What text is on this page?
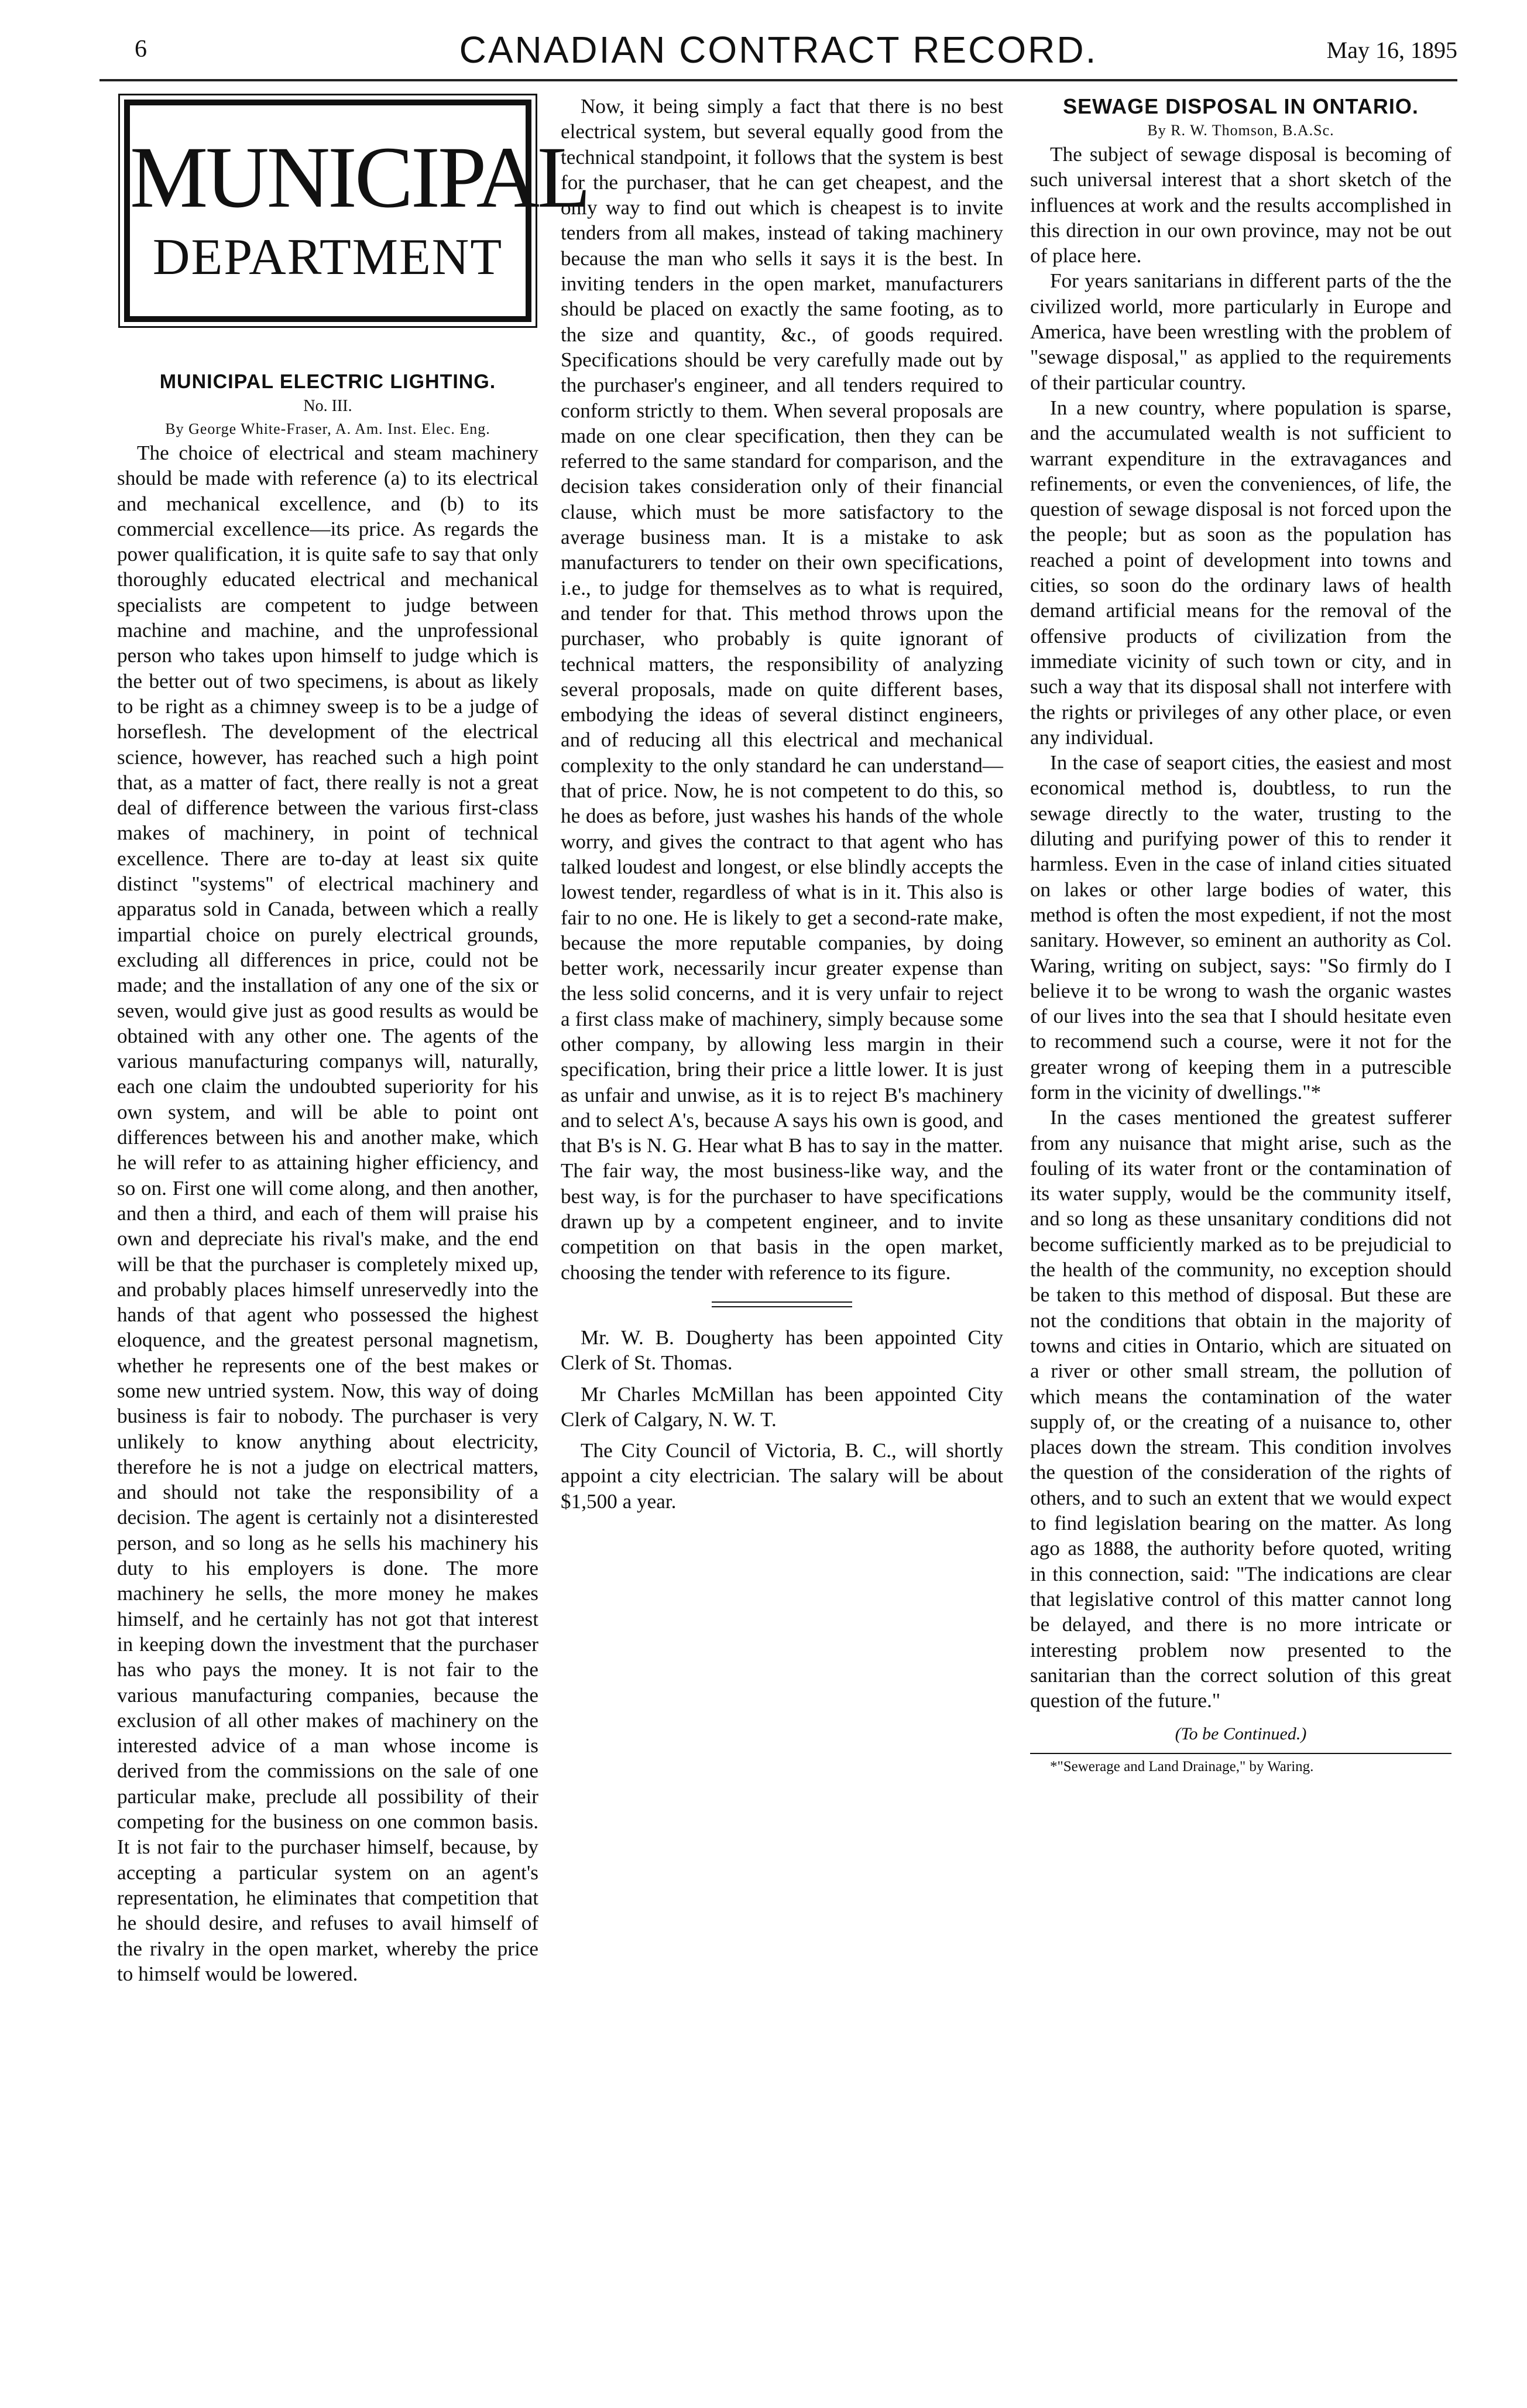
6	CANADIAN CONTRACT RECORD.	May 16, 1895
MUNICIPAL
DEPARTMENT

MUNICIPAL ELECTRIC LIGHTING.

No. III.

By George White-Fraser, A. Am. Inst. Elec. Eng.

The choice of electrical and steam machinery should be made with reference (a) to its electrical and mechanical excellence, and (b) to its commercial excellence—its price. As regards the power qualification, it is quite safe to say that only thoroughly educated electrical and mechanical specialists are competent to judge between machine and machine, and the unprofessional person who takes upon himself to judge which is the better out of two specimens, is about as likely to be right as a chimney sweep is to be a judge of horseflesh. The development of the electrical science, however, has reached such a high point that, as a matter of fact, there really is not a great deal of difference between the various first-class makes of machinery, in point of technical excellence. There are to-day at least six quite distinct "systems" of electrical machinery and apparatus sold in Canada, between which a really impartial choice on purely electrical grounds, excluding all differences in price, could not be made; and the installation of any one of the six or seven, would give just as good results as would be obtained with any other one. The agents of the various manufacturing companys will, naturally, each one claim the undoubted superiority for his own system, and will be able to point ont differences between his and another make, which he will refer to as attaining higher efficiency, and so on. First one will come along, and then another, and then a third, and each of them will praise his own and depreciate his rival's make, and the end will be that the purchaser is completely mixed up, and probably places himself unreservedly into the hands of that agent who possessed the highest eloquence, and the greatest personal magnetism, whether he represents one of the best makes or some new untried system. Now, this way of doing business is fair to nobody. The purchaser is very unlikely to know anything about electricity, therefore he is not a judge on electrical matters, and should not take the responsibility of a decision. The agent is certainly not a disinterested person, and so long as he sells his machinery his duty to his employers is done. The more machinery he sells, the more money he makes himself, and he certainly has not got that interest in keeping down the investment that the purchaser has who pays the money. It is not fair to the various manufacturing companies, because the exclusion of all other makes of machinery on the interested advice of a man whose income is derived from the commissions on the sale of one particular make, preclude all possibility of their competing for the business on one common basis. It is not fair to the purchaser himself, because, by accepting a particular system on an agent's representation, he eliminates that competition that he should desire, and refuses to avail himself of the rivalry in the open market, whereby the price to himself would be lowered.

Now, it being simply a fact that there is no best electrical system, but several equally good from the technical standpoint, it follows that the system is best for the purchaser, that he can get cheapest, and the only way to find out which is cheapest is to invite tenders from all makes, instead of taking machinery because the man who sells it says it is the best. In inviting tenders in the open market, manufacturers should be placed on exactly the same footing, as to the size and quantity, &c., of goods required. Specifications should be very carefully made out by the purchaser's engineer, and all tenders required to conform strictly to them. When several proposals are made on one clear specification, then they can be referred to the same standard for comparison, and the decision takes consideration only of their financial clause, which must be more satisfactory to the average business man. It is a mistake to ask manufacturers to tender on their own specifications, i.e., to judge for themselves as to what is required, and tender for that. This method throws upon the purchaser, who probably is quite ignorant of technical matters, the responsibility of analyzing several proposals, made on quite different bases, embodying the ideas of several distinct engineers, and of reducing all this electrical and mechanical complexity to the only standard he can understand—that of price. Now, he is not competent to do this, so he does as before, just washes his hands of the whole worry, and gives the contract to that agent who has talked loudest and longest, or else blindly accepts the lowest tender, regardless of what is in it. This also is fair to no one. He is likely to get a second-rate make, because the more reputable companies, by doing better work, necessarily incur greater expense than the less solid concerns, and it is very unfair to reject a first class make of machinery, simply because some other company, by allowing less margin in their specification, bring their price a little lower. It is just as unfair and unwise, as it is to reject B's machinery and to select A's, because A says his own is good, and that B's is N. G. Hear what B has to say in the matter. The fair way, the most business-like way, and the best way, is for the purchaser to have specifications drawn up by a competent engineer, and to invite competition on that basis in the open market, choosing the tender with reference to its figure.

Mr. W. B. Dougherty has been appointed City Clerk of St. Thomas.

Mr Charles McMillan has been appointed City Clerk of Calgary, N. W. T.

The City Council of Victoria, B. C., will shortly appoint a city electrician. The salary will be about $1,500 a year.

SEWAGE DISPOSAL IN ONTARIO.

By R. W. Thomson, B.A.Sc.

The subject of sewage disposal is becoming of such universal interest that a short sketch of the influences at work and the results accomplished in this direction in our own province, may not be out of place here.

For years sanitarians in different parts of the the civilized world, more particularly in Europe and America, have been wrestling with the problem of "sewage disposal," as applied to the requirements of their particular country.

In a new country, where population is sparse, and the accumulated wealth is not sufficient to warrant expenditure in the extravagances and refinements, or even the conveniences, of life, the question of sewage disposal is not forced upon the the people; but as soon as the population has reached a point of development into towns and cities, so soon do the ordinary laws of health demand artificial means for the removal of the offensive products of civilization from the immediate vicinity of such town or city, and in such a way that its disposal shall not interfere with the rights or privileges of any other place, or even any individual.

In the case of seaport cities, the easiest and most economical method is, doubtless, to run the sewage directly to the water, trusting to the diluting and purifying power of this to render it harmless. Even in the case of inland cities situated on lakes or other large bodies of water, this method is often the most expedient, if not the most sanitary. However, so eminent an authority as Col. Waring, writing on subject, says: "So firmly do I believe it to be wrong to wash the organic wastes of our lives into the sea that I should hesitate even to recommend such a course, were it not for the greater wrong of keeping them in a putrescible form in the vicinity of dwellings."*

In the cases mentioned the greatest sufferer from any nuisance that might arise, such as the fouling of its water front or the contamination of its water supply, would be the community itself, and so long as these unsanitary conditions did not become sufficiently marked as to be prejudicial to the health of the community, no exception should be taken to this method of disposal. But these are not the conditions that obtain in the majority of towns and cities in Ontario, which are situated on a river or other small stream, the pollution of which means the contamination of the water supply of, or the creating of a nuisance to, other places down the stream. This condition involves the question of the consideration of the rights of others, and to such an extent that we would expect to find legislation bearing on the matter. As long ago as 1888, the authority before quoted, writing in this connection, said: "The indications are clear that legislative control of this matter cannot long be delayed, and there is no more intricate or interesting problem now presented to the sanitarian than the correct solution of this great question of the future."

(To be Continued.)

*"Sewerage and Land Drainage," by Waring.
